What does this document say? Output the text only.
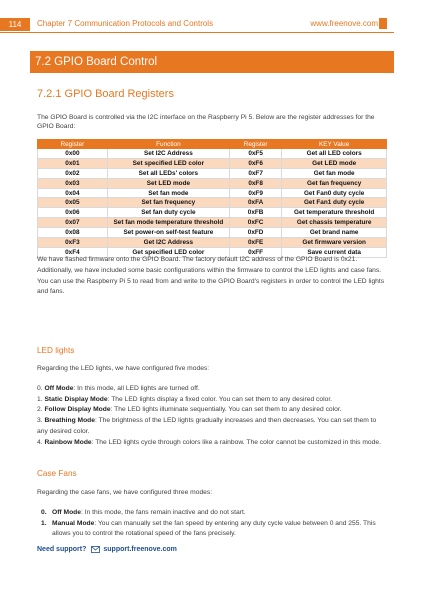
114	Chapter 7 Communication Protocols and Controls	www.freenove.com
7.2 GPIO Board Control
7.2.1 GPIO Board Registers
The GPIO Board is controlled via the I2C interface on the Raspberry Pi 5. Below are the register addresses for the GPIO Board:
Register	Function	Register	KEY Value
0x00	Set I2C Address	0xF5	Get all LED colors
0x01	Set specified LED color	0xF6	Get LED mode
0x02	Set all LEDs' colors	0xF7	Get fan mode
0x03	Set LED mode	0xF8	Get fan frequency
0x04	Set fan mode	0xF9	Get Fan0 duty cycle
0x05	Set fan frequency	0xFA	Get Fan1 duty cycle
0x06	Set fan duty cycle	0xFB	Get temperature threshold
0x07	Set fan mode temperature threshold	0xFC	Get chassis temperature
0x08	Set power-on self-test feature	0xFD	Get brand name
0xF3	Get I2C Address	0xFE	Get firmware version
0xF4	Get specified LED color	0xFF	Save current data
We have flashed firmware onto the GPIO Board. The factory default I2C address of the GPIO Board is 0x21. Additionally, we have included some basic configurations within the firmware to control the LED lights and case fans. You can use the Raspberry Pi 5 to read from and write to the GPIO Board's registers in order to control the LED lights and fans.
LED lights
Regarding the LED lights, we have configured five modes:
0. Off Mode: In this mode, all LED lights are turned off.
1. Static Display Mode: The LED lights display a fixed color. You can set them to any desired color.
2. Follow Display Mode: The LED lights illuminate sequentially. You can set them to any desired color.
3. Breathing Mode: The brightness of the LED lights gradually increases and then decreases. You can set them to any desired color.
4. Rainbow Mode: The LED lights cycle through colors like a rainbow. The color cannot be customized in this mode.
Case Fans
Regarding the case fans, we have configured three modes:
0. Off Mode: In this mode, the fans remain inactive and do not start.
1. Manual Mode: You can manually set the fan speed by entering any duty cycle value between 0 and 255. This allows you to control the rotational speed of the fans precisely.
Need support? support.freenove.com
